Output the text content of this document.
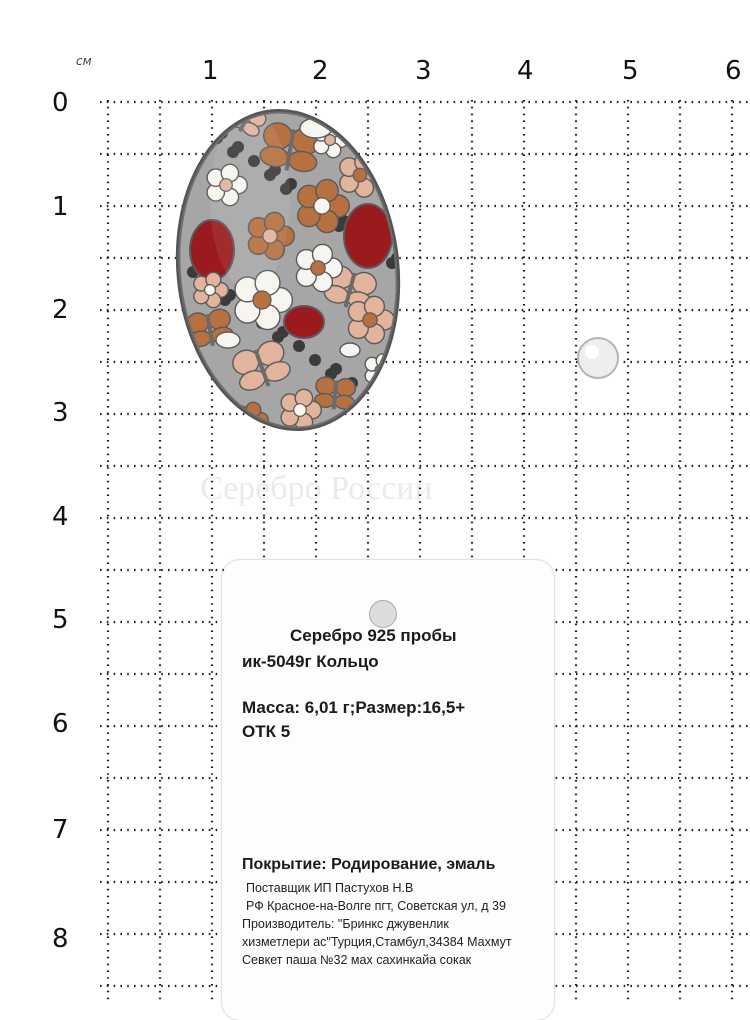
см	1	2	3	4	5	6
0
1
2
3
4
5
6
7
8
Серебро России
Серебро 925 пробы
ик-5049г Кольцо
Масса: 6,01 г;Размер:16,5+
ОТК 5
Покрытие: Родирование, эмаль
Поставщик ИП Пастухов Н.В
РФ Красное-на-Волге пгт, Советская ул, д 39
Производитель: "Бринкс джувенлик
хизметлери ас"Турция,Стамбул,34384 Махмут
Севкет паша №32 мах сахинкайа сокак
